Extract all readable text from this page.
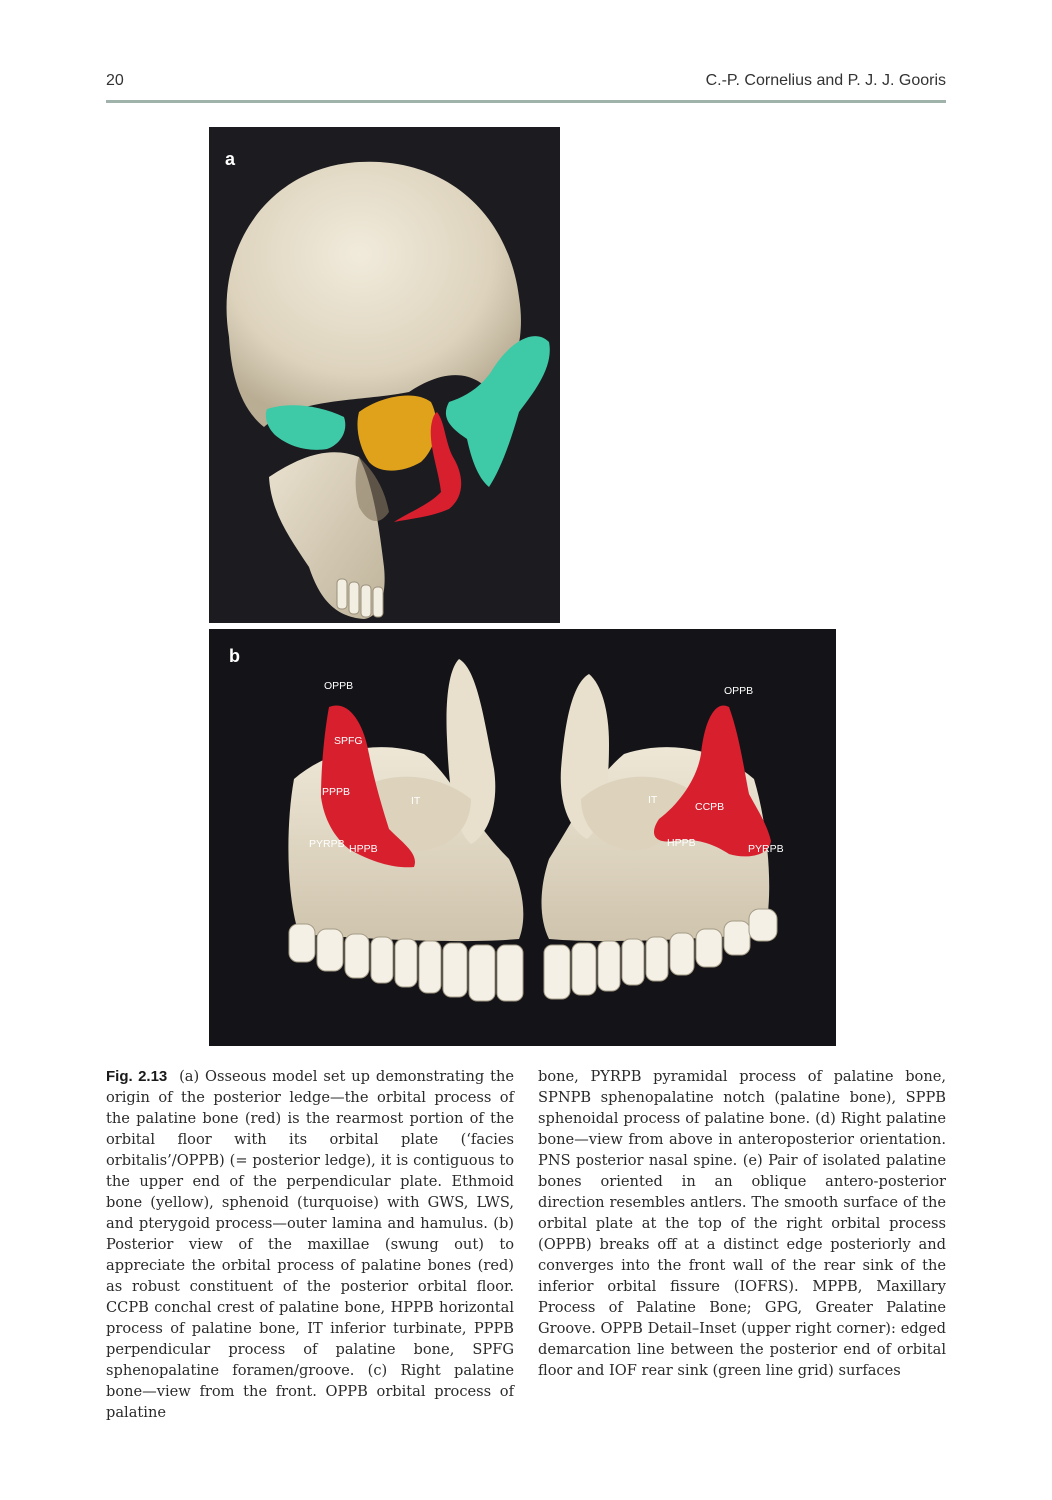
20	C.-P. Cornelius and P. J. J. Gooris
a
b
OPPB
SPFG
PPPB
IT
PYRPB HPPB
OPPB
IT
CCPB
HPPB	PYRPB

Fig. 2.13 (a) Osseous model set up demonstrating the origin of the posterior ledge—the orbital process of the palatine bone (red) is the rearmost portion of the orbital floor with its orbital plate (‘facies orbitalis’/OPPB) (= posterior ledge), it is contiguous to the upper end of the perpendicular plate. Ethmoid bone (yellow), sphenoid (turquoise) with GWS, LWS, and pterygoid process—outer lamina and hamulus. (b) Posterior view of the maxillae (swung out) to appreciate the orbital process of palatine bones (red) as robust constituent of the posterior orbital floor. CCPB conchal crest of palatine bone, HPPB horizontal process of palatine bone, IT inferior turbinate, PPPB perpendicular process of palatine bone, SPFG sphenopalatine foramen/groove. (c) Right palatine bone—view from the front. OPPB orbital process of palatine

bone, PYRPB pyramidal process of palatine bone, SPNPB sphenopalatine notch (palatine bone), SPPB sphenoidal process of palatine bone. (d) Right palatine bone—view from above in anteroposterior orientation. PNS posterior nasal spine. (e) Pair of isolated palatine bones oriented in an oblique antero-posterior direction resembles antlers. The smooth surface of the orbital plate at the top of the right orbital process (OPPB) breaks off at a distinct edge posteriorly and converges into the front wall of the rear sink of the inferior orbital fissure (IOFRS). MPPB, Maxillary Process of Palatine Bone; GPG, Greater Palatine Groove. OPPB Detail–Inset (upper right corner): edged demarcation line between the posterior end of orbital floor and IOF rear sink (green line grid) surfaces
